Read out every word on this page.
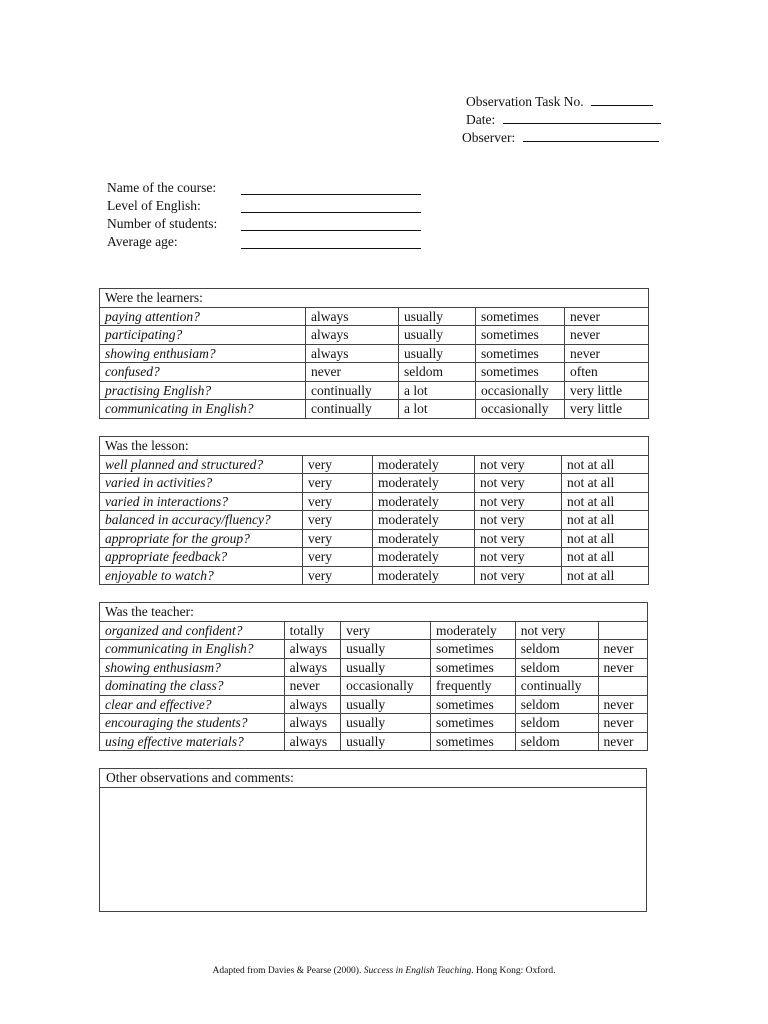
Observation Task No.
Date:
Observer:
Name of the course:
Level of English:
Number of students:
Average age:
Were the learners:				
paying attention?	always	usually	sometimes	never
participating?	always	usually	sometimes	never
showing enthusiam?	always	usually	sometimes	never
confused?	never	seldom	sometimes	often
practising English?	continually	a lot	occasionally	very little
communicating in English?	continually	a lot	occasionally	very little
Was the lesson:				
well planned and structured?	very	moderately	not very	not at all
varied in activities?	very	moderately	not very	not at all
varied in interactions?	very	moderately	not very	not at all
balanced in accuracy/fluency?	very	moderately	not very	not at all
appropriate for the group?	very	moderately	not very	not at all
appropriate feedback?	very	moderately	not very	not at all
enjoyable to watch?	very	moderately	not very	not at all
Was the teacher:					
organized and confident?	totally	very	moderately	not very	
communicating in English?	always	usually	sometimes	seldom	never
showing enthusiasm?	always	usually	sometimes	seldom	never
dominating the class?	never	occasionally	frequently	continually	
clear and effective?	always	usually	sometimes	seldom	never
encouraging the students?	always	usually	sometimes	seldom	never
using effective materials?	always	usually	sometimes	seldom	never
Other observations and comments:
Adapted from Davies & Pearse (2000). Success in English Teaching. Hong Kong: Oxford.
